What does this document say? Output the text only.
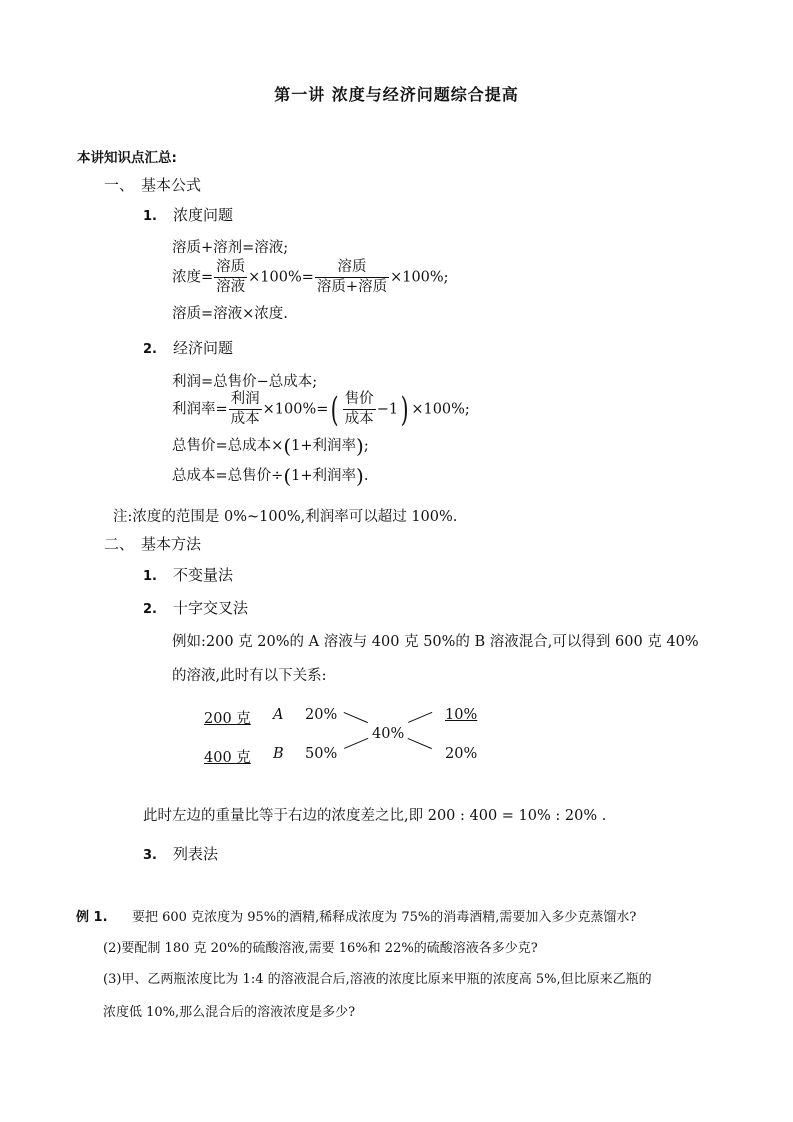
第一讲 浓度与经济问题综合提高
本讲知识点汇总:
一、 基本公式
1. 浓度问题
溶质+溶剂=溶液;
浓度= $\frac{\text{溶质}}{\text{溶液}} \times 100\%= \frac{\text{溶质}}{\text{溶质+溶质}} \times 100\%$;
溶质=溶液×浓度.
2. 经济问题
利润=总售价−总成本;
利润率= $\frac{\text{利润}}{\text{成本}} \times 100\%=( \frac{\text{售价}}{\text{成本}} -1) \times 100\%$;
总售价=总成本×(1+利润率);
总成本=总售价÷(1+利润率).
注:浓度的范围是 0%~100%,利润率可以超过 100%.
二、 基本方法
1. 不变量法
2. 十字交叉法
例如:200 克 20%的 A 溶液与 400 克 50%的 B 溶液混合,可以得到 600 克 40%
的溶液,此时有以下关系:
200 克 A 20%	10%
40%
400 克 B 50%	20%
此时左边的重量比等于右边的浓度差之比,即 200 : 400 = 10% : 20% .
3. 列表法
例 1. 要把 600 克浓度为 95%的酒精,稀释成浓度为 75%的消毒酒精,需要加入多少克蒸馏水?
(2)要配制 180 克 20%的硫酸溶液,需要 16%和 22%的硫酸溶液各多少克?
(3)甲、乙两瓶浓度比为 1:4 的溶液混合后,溶液的浓度比原来甲瓶的浓度高 5%,但比原来乙瓶的
浓度低 10%,那么混合后的溶液浓度是多少?
